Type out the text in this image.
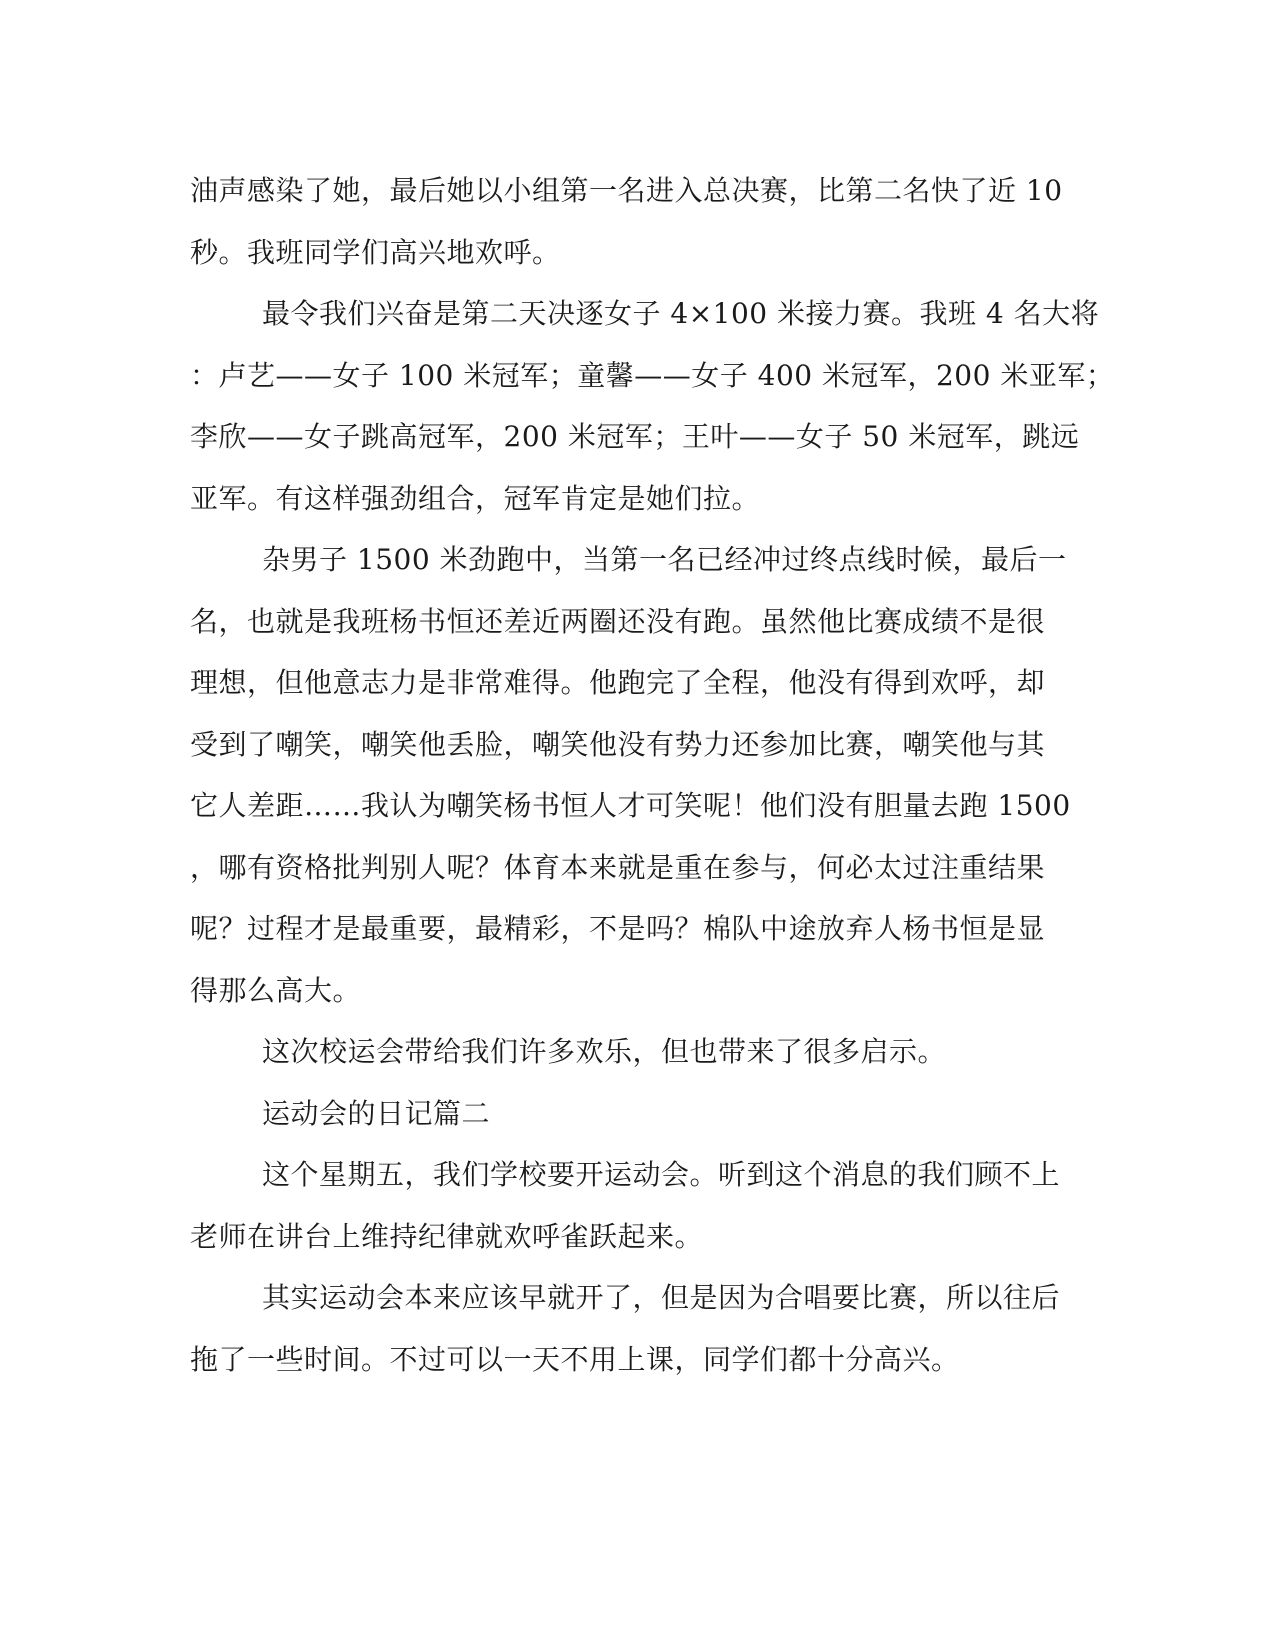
油声感染了她，最后她以小组第一名进入总决赛，比第二名快了近 10
秒。我班同学们高兴地欢呼。
最令我们兴奋是第二天决逐女子 4×100 米接力赛。我班 4 名大将
：卢艺——女子 100 米冠军；童馨——女子 400 米冠军，200 米亚军；
李欣——女子跳高冠军，200 米冠军；王叶——女子 50 米冠军，跳远
亚军。有这样强劲组合，冠军肯定是她们拉。
杂男子 1500 米劲跑中，当第一名已经冲过终点线时候，最后一
名，也就是我班杨书恒还差近两圈还没有跑。虽然他比赛成绩不是很
理想，但他意志力是非常难得。他跑完了全程，他没有得到欢呼，却
受到了嘲笑，嘲笑他丢脸，嘲笑他没有势力还参加比赛，嘲笑他与其
它人差距……我认为嘲笑杨书恒人才可笑呢！他们没有胆量去跑 1500
，哪有资格批判别人呢？体育本来就是重在参与，何必太过注重结果
呢？过程才是最重要，最精彩，不是吗？棉队中途放弃人杨书恒是显
得那么高大。
这次校运会带给我们许多欢乐，但也带来了很多启示。
运动会的日记篇二
这个星期五，我们学校要开运动会。听到这个消息的我们顾不上
老师在讲台上维持纪律就欢呼雀跃起来。
其实运动会本来应该早就开了，但是因为合唱要比赛，所以往后
拖了一些时间。不过可以一天不用上课，同学们都十分高兴。
